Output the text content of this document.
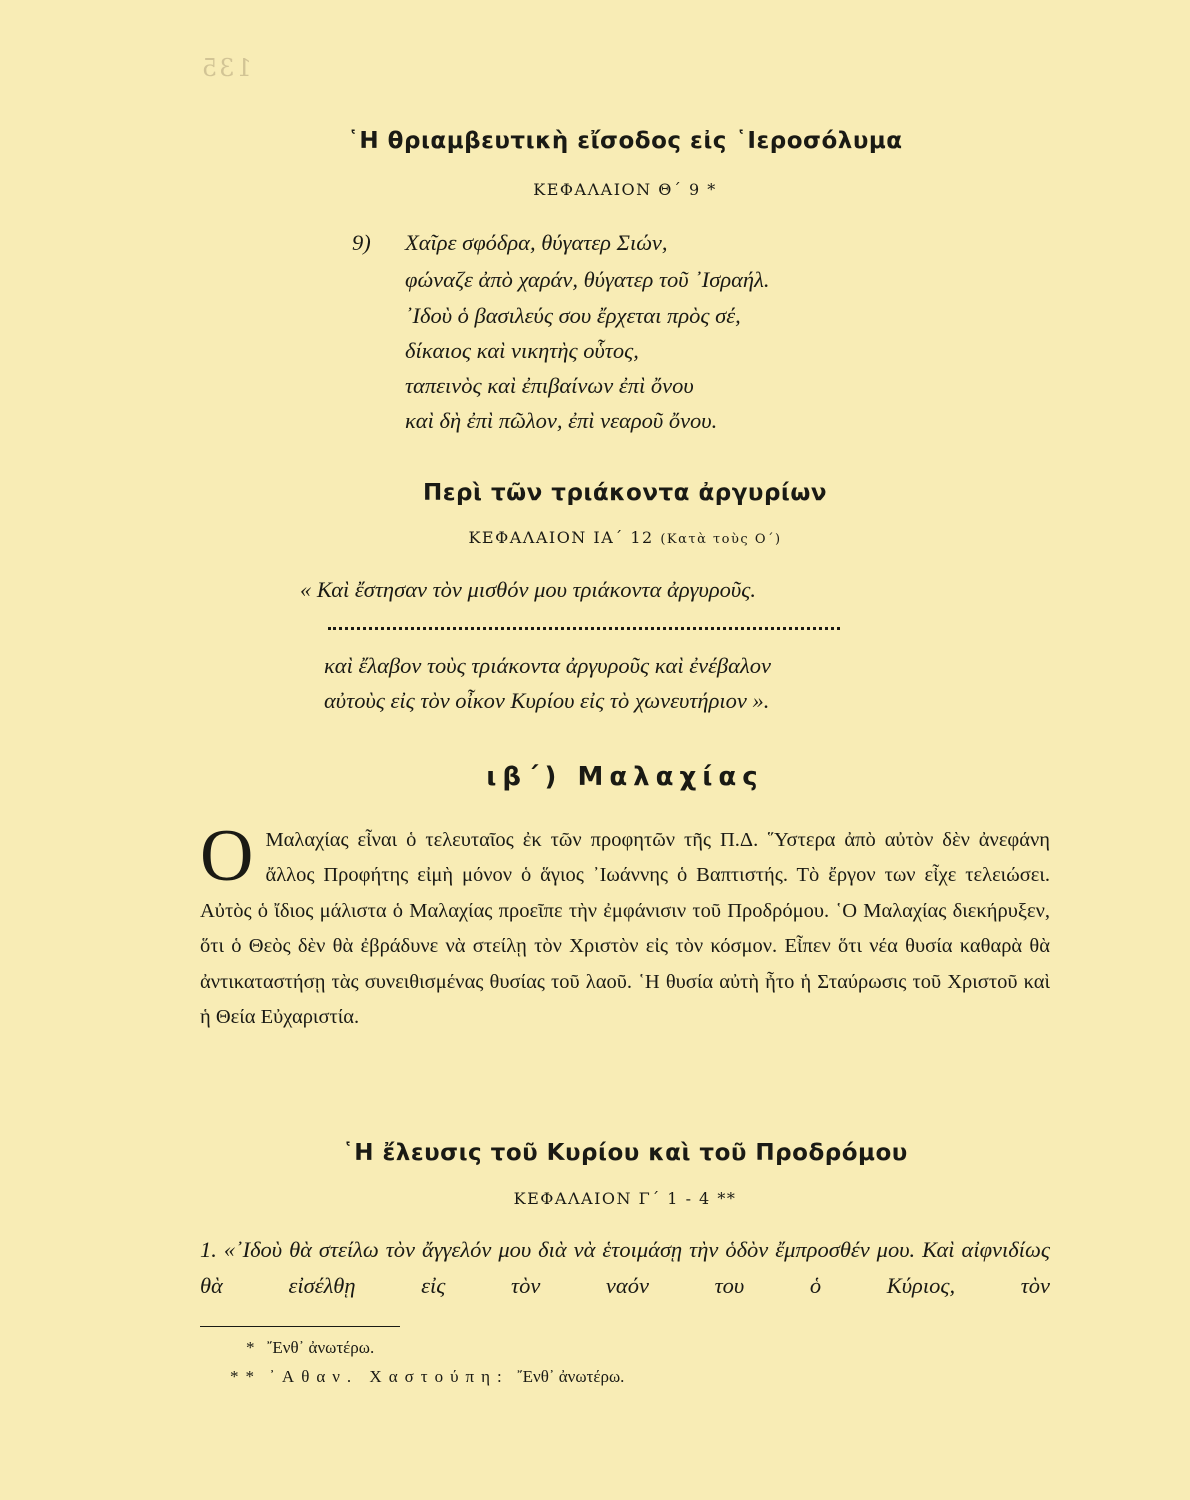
135
῾Η θριαμβευτικὴ εἴσοδος εἰς ῾Ιεροσόλυμα
ΚΕΦΑΛΑΙΟΝ Θ΄ 9 *
9) Χαῖρε σφόδρα, θύγατερ Σιών,
φώναζε ἀπὸ χαράν, θύγατερ τοῦ ᾿Ισραήλ.
᾿Ιδοὺ ὁ βασιλεύς σου ἔρχεται πρὸς σέ,
δίκαιος καὶ νικητὴς οὗτος,
ταπεινὸς καὶ ἐπιβαίνων ἐπὶ ὄνου
καὶ δὴ ἐπὶ πῶλον, ἐπὶ νεαροῦ ὄνου.
Περὶ τῶν τριάκοντα ἀργυρίων
ΚΕΦΑΛΑΙΟΝ ΙΑ΄ 12 (Κατὰ τοὺς Ο΄)
« Καὶ ἔστησαν τὸν μισθόν μου τριάκοντα ἀργυροῦς.
καὶ ἔλαβον τοὺς τριάκοντα ἀργυροῦς καὶ ἐνέβαλον
αὐτοὺς εἰς τὸν οἶκον Κυρίου εἰς τὸ χωνευτήριον ».
ιβ΄) Μαλαχίας
Ο Μαλαχίας εἶναι ὁ τελευταῖος ἐκ τῶν προφητῶν τῆς Π.Δ. ῞Υστερα ἀπὸ αὐτὸν δὲν ἀνεφάνη ἄλλος Προφήτης εἰμὴ μόνον ὁ ἅγιος ᾿Ιωάννης ὁ Βαπτιστής. Τὸ ἔργον των εἶχε τελειώσει. Αὐτὸς ὁ ἴδιος μάλιστα ὁ Μαλαχίας προεῖπε τὴν ἐμφάνισιν τοῦ Προδρόμου. ῾Ο Μαλαχίας διεκήρυξεν, ὅτι ὁ Θεὸς δὲν θὰ ἐβράδυνε νὰ στείλῃ τὸν Χριστὸν εἰς τὸν κόσμον. Εἶπεν ὅτι νέα θυσία καθαρὰ θὰ ἀντικαταστήσῃ τὰς συνειθισμένας θυσίας τοῦ λαοῦ. ῾Η θυσία αὐτὴ ἦτο ἡ Σταύρωσις τοῦ Χριστοῦ καὶ ἡ Θεία Εὐχαριστία.
῾Η ἔλευσις τοῦ Κυρίου καὶ τοῦ Προδρόμου
ΚΕΦΑΛΑΙΟΝ Γ΄ 1 - 4 **
1. «᾿Ιδοὺ θὰ στείλω τὸν ἄγγελόν μου διὰ νὰ ἑτοιμάσῃ τὴν ὁδὸν ἔμπροσθέν μου. Καὶ αἰφνιδίως θὰ εἰσέλθῃ εἰς τὸν ναόν του ὁ Κύριος, τὸν
* ῎Ενθ᾿ ἀνωτέρω.
** ᾿Αθαν. Χαστούπη: ῎Ενθ᾿ ἀνωτέρω.
